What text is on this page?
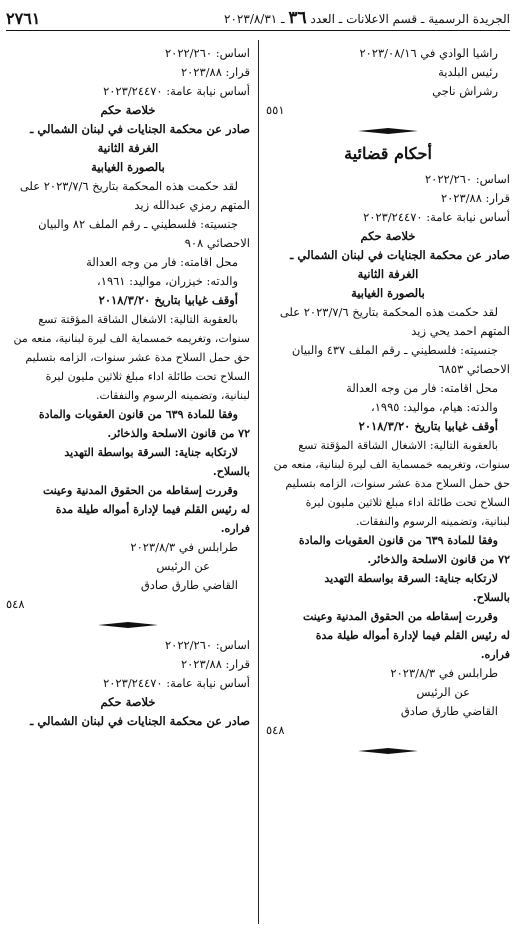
الجريدة الرسمية ـ قسم الاعلانات ـ العدد ٣٦ ـ ٢٠٢٣/٨/٣١
٢٧٦١
راشيا الوادي في ٢٠٢٣/٠٨/١٦
رئيس البلدية
رشراش ناجي
٥٥١
أحكام قضائية
اساس: ٢٠٢٢/٢٦٠
قرار: ٢٠٢٣/٨٨
أساس نيابة عامة: ٢٠٢٣/٢٤٤٧٠
خلاصة حكم
صادر عن محكمة الجنايات في لبنان الشمالي ـ
الغرفة الثانية
بالصورة الغيابية
لقد حكمت هذه المحكمة بتاريخ ٢٠٢٣/٧/٦ على
المتهم احمد يحي زيد
جنسيته: فلسطيني ـ رقم الملف ٤٣٧ والبيان
الاحصائي ٦٨٥٣
محل اقامته: فار من وجه العدالة
والدته: هيام، مواليد: ١٩٩٥،
أوقف غيابيا بتاريخ ٢٠١٨/٣/٢٠
بالعقوبة التالية: الاشغال الشاقة المؤقتة تسع
سنوات، وتغريمه خمسماية الف ليرة لبنانية، منعه من
حق حمل السلاح مدة عشر سنوات، الزامه بتسليم
السلاح تحت طائلة اداء مبلغ ثلاثين مليون ليرة
لبنانية، وتضمينه الرسوم والنفقات.
وفقا للمادة ٦٣٩ من قانون العقوبات والمادة
٧٢ من قانون الاسلحة والذخائر.
لارتكابه جناية: السرقة بواسطة التهديد
بالسلاح.
وقررت إسقاطه من الحقوق المدنية وعينت
له رئيس القلم فيما لإدارة أمواله طيلة مدة
فراره.
طرابلس في ٢٠٢٣/٨/٣
عن الرئيس
القاضي طارق صادق
٥٤٨
اساس: ٢٠٢٢/٢٦٠
قرار: ٢٠٢٣/٨٨
أساس نيابة عامة: ٢٠٢٣/٢٤٤٧٠
خلاصة حكم
صادر عن محكمة الجنايات في لبنان الشمالي ـ
الغرفة الثانية
بالصورة الغيابية
لقد حكمت هذه المحكمة بتاريخ ٢٠٢٣/٧/٦ على
المتهم رمزي عبدالله زيد
جنسيته: فلسطيني ـ رقم الملف ٨٢ والبيان
الاحصائي ٩٠٨
محل اقامته: فار من وجه العدالة
والدته: خيزران، مواليد: ١٩٦١،
أوقف غيابيا بتاريخ ٢٠١٨/٣/٢٠
بالعقوبة التالية: الاشغال الشاقة المؤقتة تسع
سنوات، وتغريمه خمسماية الف ليرة لبنانية، منعه من
حق حمل السلاح مدة عشر سنوات، الزامه بتسليم
السلاح تحت طائلة اداء مبلغ ثلاثين مليون ليرة
لبنانية، وتضمينه الرسوم والنفقات.
وفقا للمادة ٦٣٩ من قانون العقوبات والمادة
٧٢ من قانون الاسلحة والذخائر.
لارتكابه جناية: السرقة بواسطة التهديد
بالسلاح.
وقررت إسقاطه من الحقوق المدنية وعينت
له رئيس القلم فيما لإدارة أمواله طيلة مدة
فراره.
طرابلس في ٢٠٢٣/٨/٣
عن الرئيس
القاضي طارق صادق
٥٤٨
اساس: ٢٠٢٢/٢٦٠
قرار: ٢٠٢٣/٨٨
أساس نيابة عامة: ٢٠٢٣/٢٤٤٧٠
خلاصة حكم
صادر عن محكمة الجنايات في لبنان الشمالي ـ
